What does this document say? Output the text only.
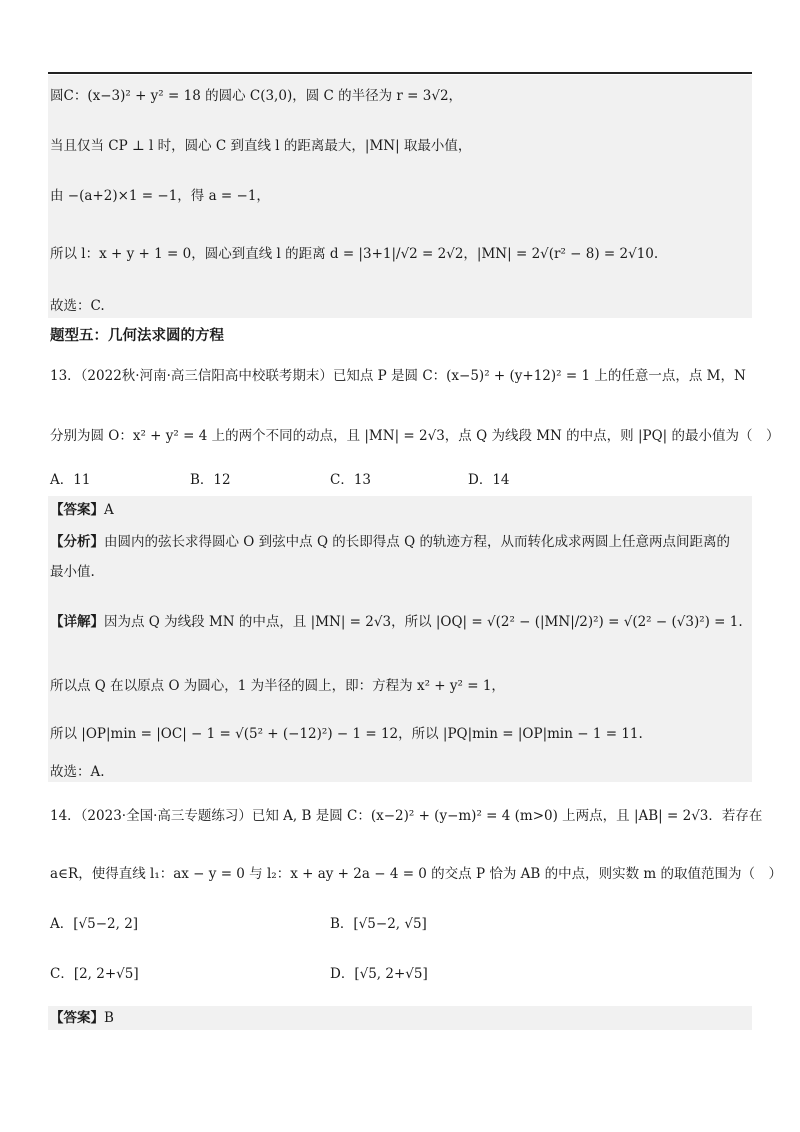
圆C：(x−3)² + y² = 18 的圆心 C(3,0)，圆 C 的半径为 r = 3√2，
当且仅当 CP ⊥ l 时，圆心 C 到直线 l 的距离最大，|MN| 取最小值，
由 −(a+2)×1 = −1，得 a = −1，
所以 l：x + y + 1 = 0，圆心到直线 l 的距离 d = |3+1|/√2 = 2√2，|MN| = 2√(r² − 8) = 2√10.
故选：C.
题型五：几何法求圆的方程
13．（2022秋·河南·高三信阳高中校联考期末）已知点 P 是圆 C：(x−5)² + (y+12)² = 1 上的任意一点，点 M，N
分别为圆 O：x² + y² = 4 上的两个不同的动点，且 |MN| = 2√3，点 Q 为线段 MN 的中点，则 |PQ| 的最小值为（　）
A．11	B．12	C．13	D．14
【答案】A
【分析】由圆内的弦长求得圆心 O 到弦中点 Q 的长即得点 Q 的轨迹方程，从而转化成求两圆上任意两点间距离的
最小值.
【详解】因为点 Q 为线段 MN 的中点，且 |MN| = 2√3，所以 |OQ| = √(2² − (|MN|/2)²) = √(2² − (√3)²) = 1.
所以点 Q 在以原点 O 为圆心，1 为半径的圆上，即：方程为 x² + y² = 1，
所以 |OP|min = |OC| − 1 = √(5² + (−12)²) − 1 = 12，所以 |PQ|min = |OP|min − 1 = 11.
故选：A.
14．（2023·全国·高三专题练习）已知 A, B 是圆 C：(x−2)² + (y−m)² = 4 (m>0) 上两点，且 |AB| = 2√3．若存在
a∈R，使得直线 l₁：ax − y = 0 与 l₂：x + ay + 2a − 4 = 0 的交点 P 恰为 AB 的中点，则实数 m 的取值范围为（　）
A．[√5−2, 2]	B．[√5−2, √5]
C．[2, 2+√5]	D．[√5, 2+√5]
【答案】B
